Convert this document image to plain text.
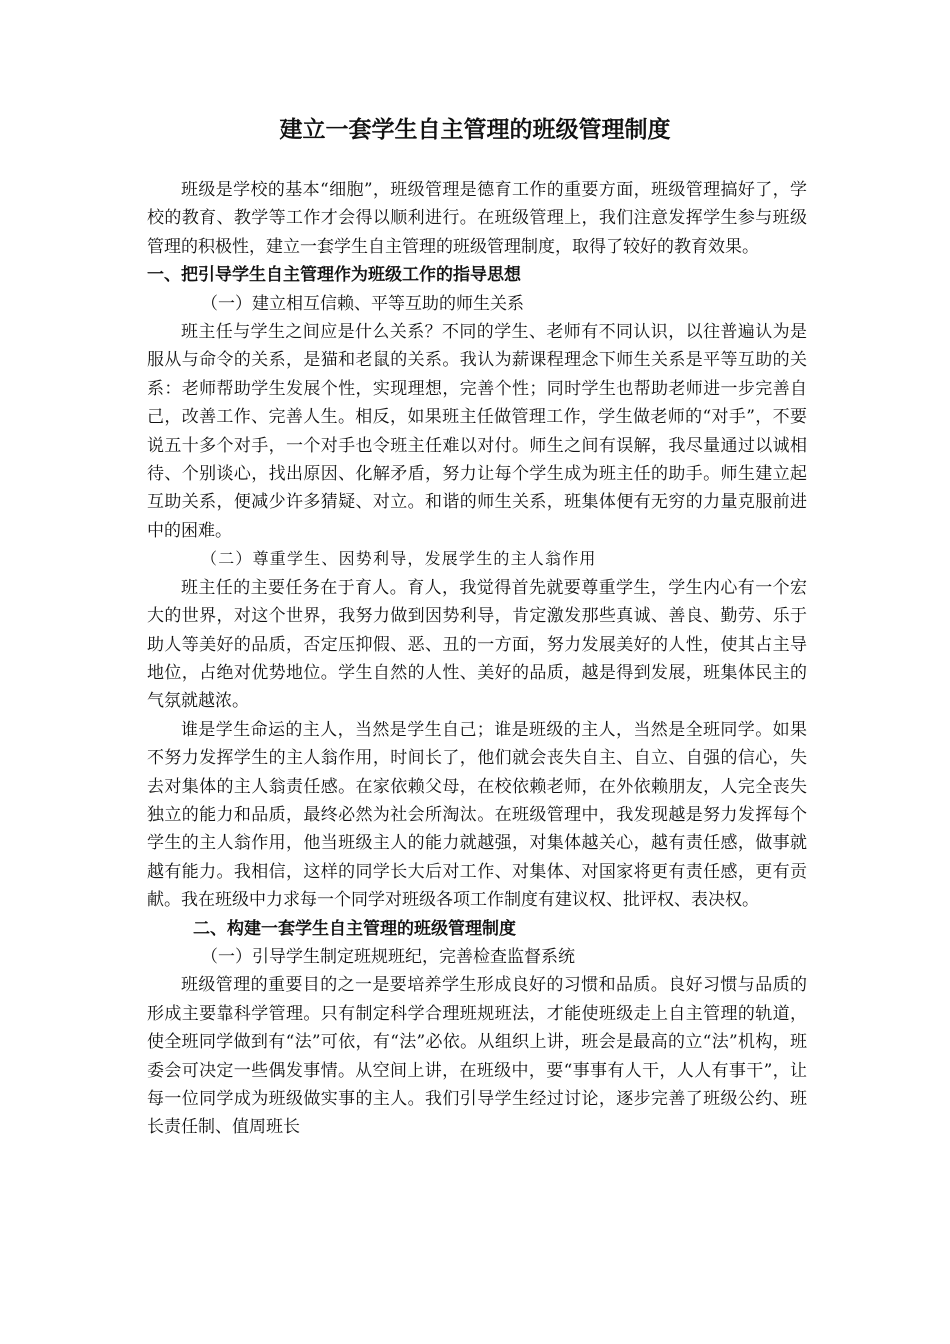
建立一套学生自主管理的班级管理制度

班级是学校的基本“细胞”，班级管理是德育工作的重要方面，班级管理搞好了，学校的教育、教学等工作才会得以顺利进行。在班级管理上，我们注意发挥学生参与班级管理的积极性，建立一套学生自主管理的班级管理制度，取得了较好的教育效果。

一、把引导学生自主管理作为班级工作的指导思想

（一）建立相互信赖、平等互助的师生关系

班主任与学生之间应是什么关系？不同的学生、老师有不同认识，以往普遍认为是服从与命令的关系，是猫和老鼠的关系。我认为薪课程理念下师生关系是平等互助的关系：老师帮助学生发展个性，实现理想，完善个性；同时学生也帮助老师进一步完善自己，改善工作、完善人生。相反，如果班主任做管理工作，学生做老师的“对手”，不要说五十多个对手，一个对手也令班主任难以对付。师生之间有误解，我尽量通过以诚相待、个别谈心，找出原因、化解矛盾，努力让每个学生成为班主任的助手。师生建立起互助关系，便减少许多猜疑、对立。和谐的师生关系，班集体便有无穷的力量克服前进中的困难。

（二）尊重学生、因势利导，发展学生的主人翁作用

班主任的主要任务在于育人。育人，我觉得首先就要尊重学生，学生内心有一个宏大的世界，对这个世界，我努力做到因势利导，肯定激发那些真诚、善良、勤劳、乐于助人等美好的品质，否定压抑假、恶、丑的一方面，努力发展美好的人性，使其占主导地位，占绝对优势地位。学生自然的人性、美好的品质，越是得到发展，班集体民主的气氛就越浓。

谁是学生命运的主人，当然是学生自己；谁是班级的主人，当然是全班同学。如果不努力发挥学生的主人翁作用，时间长了，他们就会丧失自主、自立、自强的信心，失去对集体的主人翁责任感。在家依赖父母，在校依赖老师，在外依赖朋友，人完全丧失独立的能力和品质，最终必然为社会所淘汰。在班级管理中，我发现越是努力发挥每个学生的主人翁作用，他当班级主人的能力就越强，对集体越关心，越有责任感，做事就越有能力。我相信，这样的同学长大后对工作、对集体、对国家将更有责任感，更有贡献。我在班级中力求每一个同学对班级各项工作制度有建议权、批评权、表决权。

二、构建一套学生自主管理的班级管理制度

（一）引导学生制定班规班纪，完善检查监督系统

班级管理的重要目的之一是要培养学生形成良好的习惯和品质。良好习惯与品质的形成主要靠科学管理。只有制定科学合理班规班法，才能使班级走上自主管理的轨道，使全班同学做到有“法”可依，有“法”必依。从组织上讲，班会是最高的立“法”机构，班委会可决定一些偶发事情。从空间上讲，在班级中，要“事事有人干，人人有事干”，让每一位同学成为班级做实事的主人。我们引导学生经过讨论，逐步完善了班级公约、班长责任制、值周班长
